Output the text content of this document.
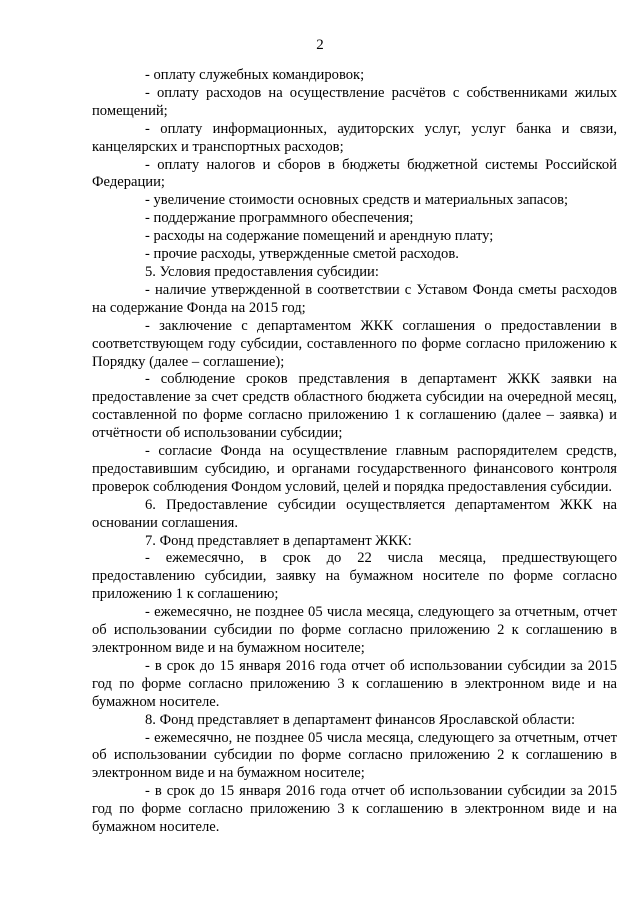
2

- оплату служебных командировок;

- оплату расходов на осуществление расчётов с собственниками жилых помещений;

- оплату информационных, аудиторских услуг, услуг банка и связи, канцелярских и транспортных расходов;

- оплату налогов и сборов в бюджеты бюджетной системы Российской Федерации;

- увеличение стоимости основных средств и материальных запасов;

- поддержание программного обеспечения;

- расходы на содержание помещений и арендную плату;

- прочие расходы, утвержденные сметой расходов.

5. Условия предоставления субсидии:

- наличие утвержденной в соответствии с Уставом Фонда сметы расходов на содержание Фонда на 2015 год;

- заключение с департаментом ЖКК соглашения о предоставлении в соответствующем году субсидии, составленного по форме согласно приложению к Порядку (далее – соглашение);

- соблюдение сроков представления в департамент ЖКК заявки на предоставление за счет средств областного бюджета субсидии на очередной месяц, составленной по форме согласно приложению 1 к соглашению (далее – заявка) и отчётности об использовании субсидии;

- согласие Фонда на осуществление главным распорядителем средств, предоставившим субсидию, и органами государственного финансового контроля проверок соблюдения Фондом условий, целей и порядка предоставления субсидии.

6. Предоставление субсидии осуществляется департаментом ЖКК на основании соглашения.

7. Фонд представляет в департамент ЖКК:

- ежемесячно, в срок до 22 числа месяца, предшествующего предоставлению субсидии, заявку на бумажном носителе по форме согласно приложению 1 к соглашению;

- ежемесячно, не позднее 05 числа месяца, следующего за отчетным, отчет об использовании субсидии по форме согласно приложению 2 к соглашению в электронном виде и на бумажном носителе;

- в срок до 15 января 2016 года отчет об использовании субсидии за 2015 год по форме согласно приложению 3 к соглашению в электронном виде и на бумажном носителе.

8. Фонд представляет в департамент финансов Ярославской области:

- ежемесячно, не позднее 05 числа месяца, следующего за отчетным, отчет об использовании субсидии по форме согласно приложению 2 к соглашению в электронном виде и на бумажном носителе;

- в срок до 15 января 2016 года отчет об использовании субсидии за 2015 год по форме согласно приложению 3 к соглашению в электронном виде и на бумажном носителе.
